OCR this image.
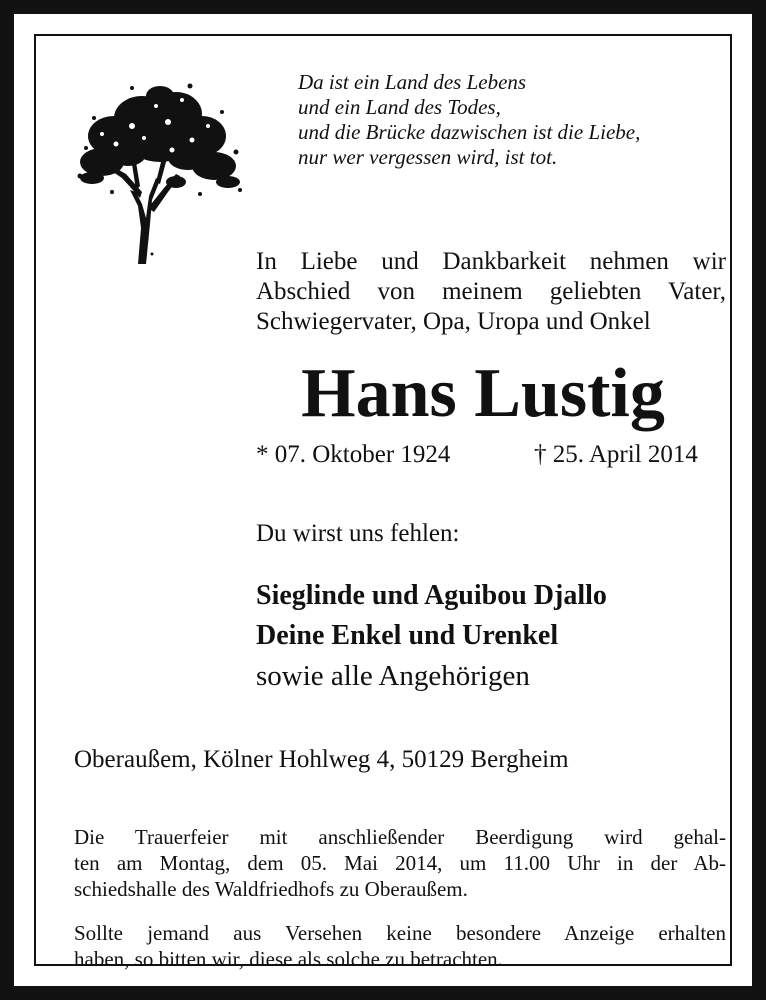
Da ist ein Land des Lebens
und ein Land des Todes,
und die Brücke dazwischen ist die Liebe,
nur wer vergessen wird, ist tot.
In Liebe und Dankbarkeit nehmen wir
Abschied von meinem geliebten Vater,
Schwiegervater, Opa, Uropa und Onkel
Hans Lustig
* 07. Oktober 1924	† 25. April 2014
Du wirst uns fehlen:
Sieglinde und Aguibou Djallo
Deine Enkel und Urenkel
sowie alle Angehörigen
Oberaußem, Kölner Hohlweg 4, 50129 Bergheim
Die Trauerfeier mit anschließender Beerdigung wird gehal-
ten am Montag, dem 05. Mai 2014, um 11.00 Uhr in der Ab-
schiedshalle des Waldfriedhofs zu Oberaußem.
Sollte jemand aus Versehen keine besondere Anzeige erhalten
haben, so bitten wir, diese als solche zu betrachten.
